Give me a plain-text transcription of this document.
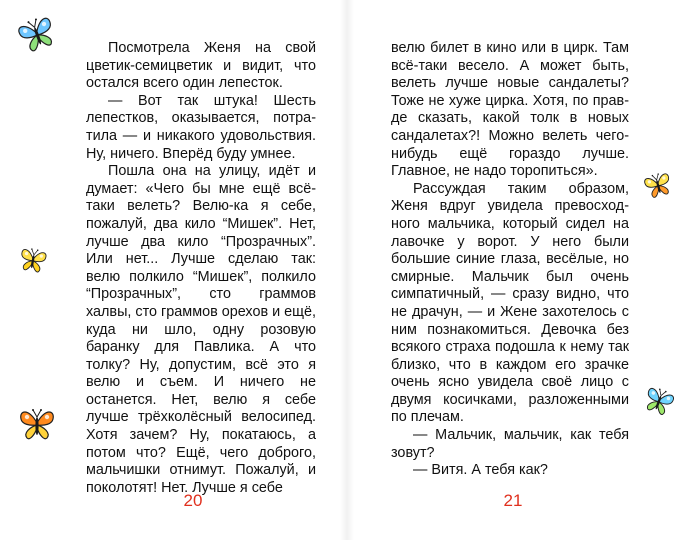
Посмотрела Женя на свой цветик-семицветик и видит, что остался всего один лепесток.

— Вот так штука! Шесть лепестков, оказывается, потратила — и никакого удовольствия. Ну, ничего. Вперёд буду умнее.

Пошла она на улицу, идёт и думает: «Чего бы мне ещё всё-таки велеть? Велю-ка я себе, пожалуй, два кило “Мишек”. Нет, лучше два кило “Прозрачных”. Или нет... Лучше сделаю так: велю полкило “Мишек”, полкило “Прозрачных”, сто граммов халвы, сто граммов орехов и ещё, куда ни шло, одну розовую баранку для Павлика. А что толку? Ну, допустим, всё это я велю и съем. И ничего не останется. Нет, велю я себе лучше трёхколёсный велосипед. Хотя зачем? Ну, покатаюсь, а потом что? Ещё, чего доброго, мальчишки отнимут. Пожалуй, и поколотят! Нет. Лучше я себе

велю билет в кино или в цирк. Там всё-таки весело. А может быть, велеть лучше новые сандалеты? Тоже не хуже цирка. Хотя, по правде сказать, какой толк в новых сандалетах?! Можно велеть чего-нибудь ещё гораздо лучше. Главное, не надо торопиться».

Рассуждая таким образом, Женя вдруг увидела превосходного мальчика, который сидел на лавочке у ворот. У него были большие синие глаза, весёлые, но смирные. Мальчик был очень симпатичный, — сразу видно, что не драчун, — и Жене захотелось с ним познакомиться. Девочка без всякого страха подошла к нему так близко, что в каждом его зрачке очень ясно увидела своё лицо с двумя косичками, разложенными по плечам.

— Мальчик, мальчик, как тебя зовут?

— Витя. А тебя как?

20	21
